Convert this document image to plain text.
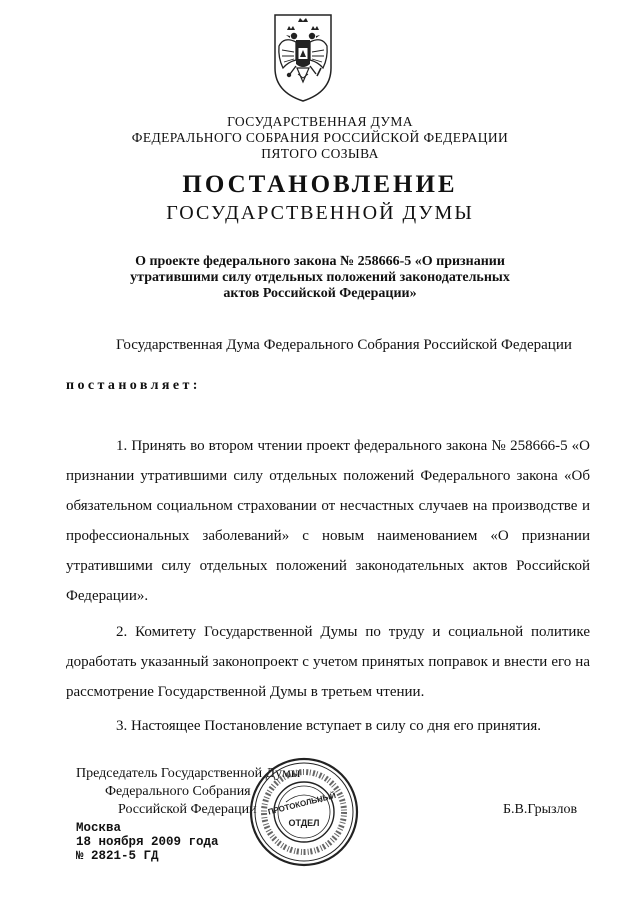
ГОСУДАРСТВЕННАЯ ДУМА
ФЕДЕРАЛЬНОГО СОБРАНИЯ РОССИЙСКОЙ ФЕДЕРАЦИИ
ПЯТОГО СОЗЫВА
ПОСТАНОВЛЕНИЕ
ГОСУДАРСТВЕННОЙ ДУМЫ
О проекте федерального закона № 258666-5 «О признании
утратившими силу отдельных положений законодательных
актов Российской Федерации»
Государственная Дума Федерального Собрания Российской Федерации
постановляет:

1. Принять во втором чтении проект федерального закона № 258666-5 «О признании утратившими силу отдельных положений Федерального закона «Об обязательном социальном страховании от несчастных случаев на производстве и профессиональных заболеваний» с новым наименованием «О признании утратившими силу отдельных положений законодательных актов Российской Федерации».

2. Комитету Государственной Думы по труду и социальной политике доработать указанный законопроект с учетом принятых поправок и внести его на рассмотрение Государственной Думы в третьем чтении.

3. Настоящее Постановление вступает в силу со дня его принятия.

Председатель Государственной Думы
Федерального Собрания
Российской Федерации	Б.В.Грызлов
Москва
18 ноября 2009 года
№ 2821-5 ГД
ПРОТОКОЛЬНЫЙ
ОТДЕЛ
